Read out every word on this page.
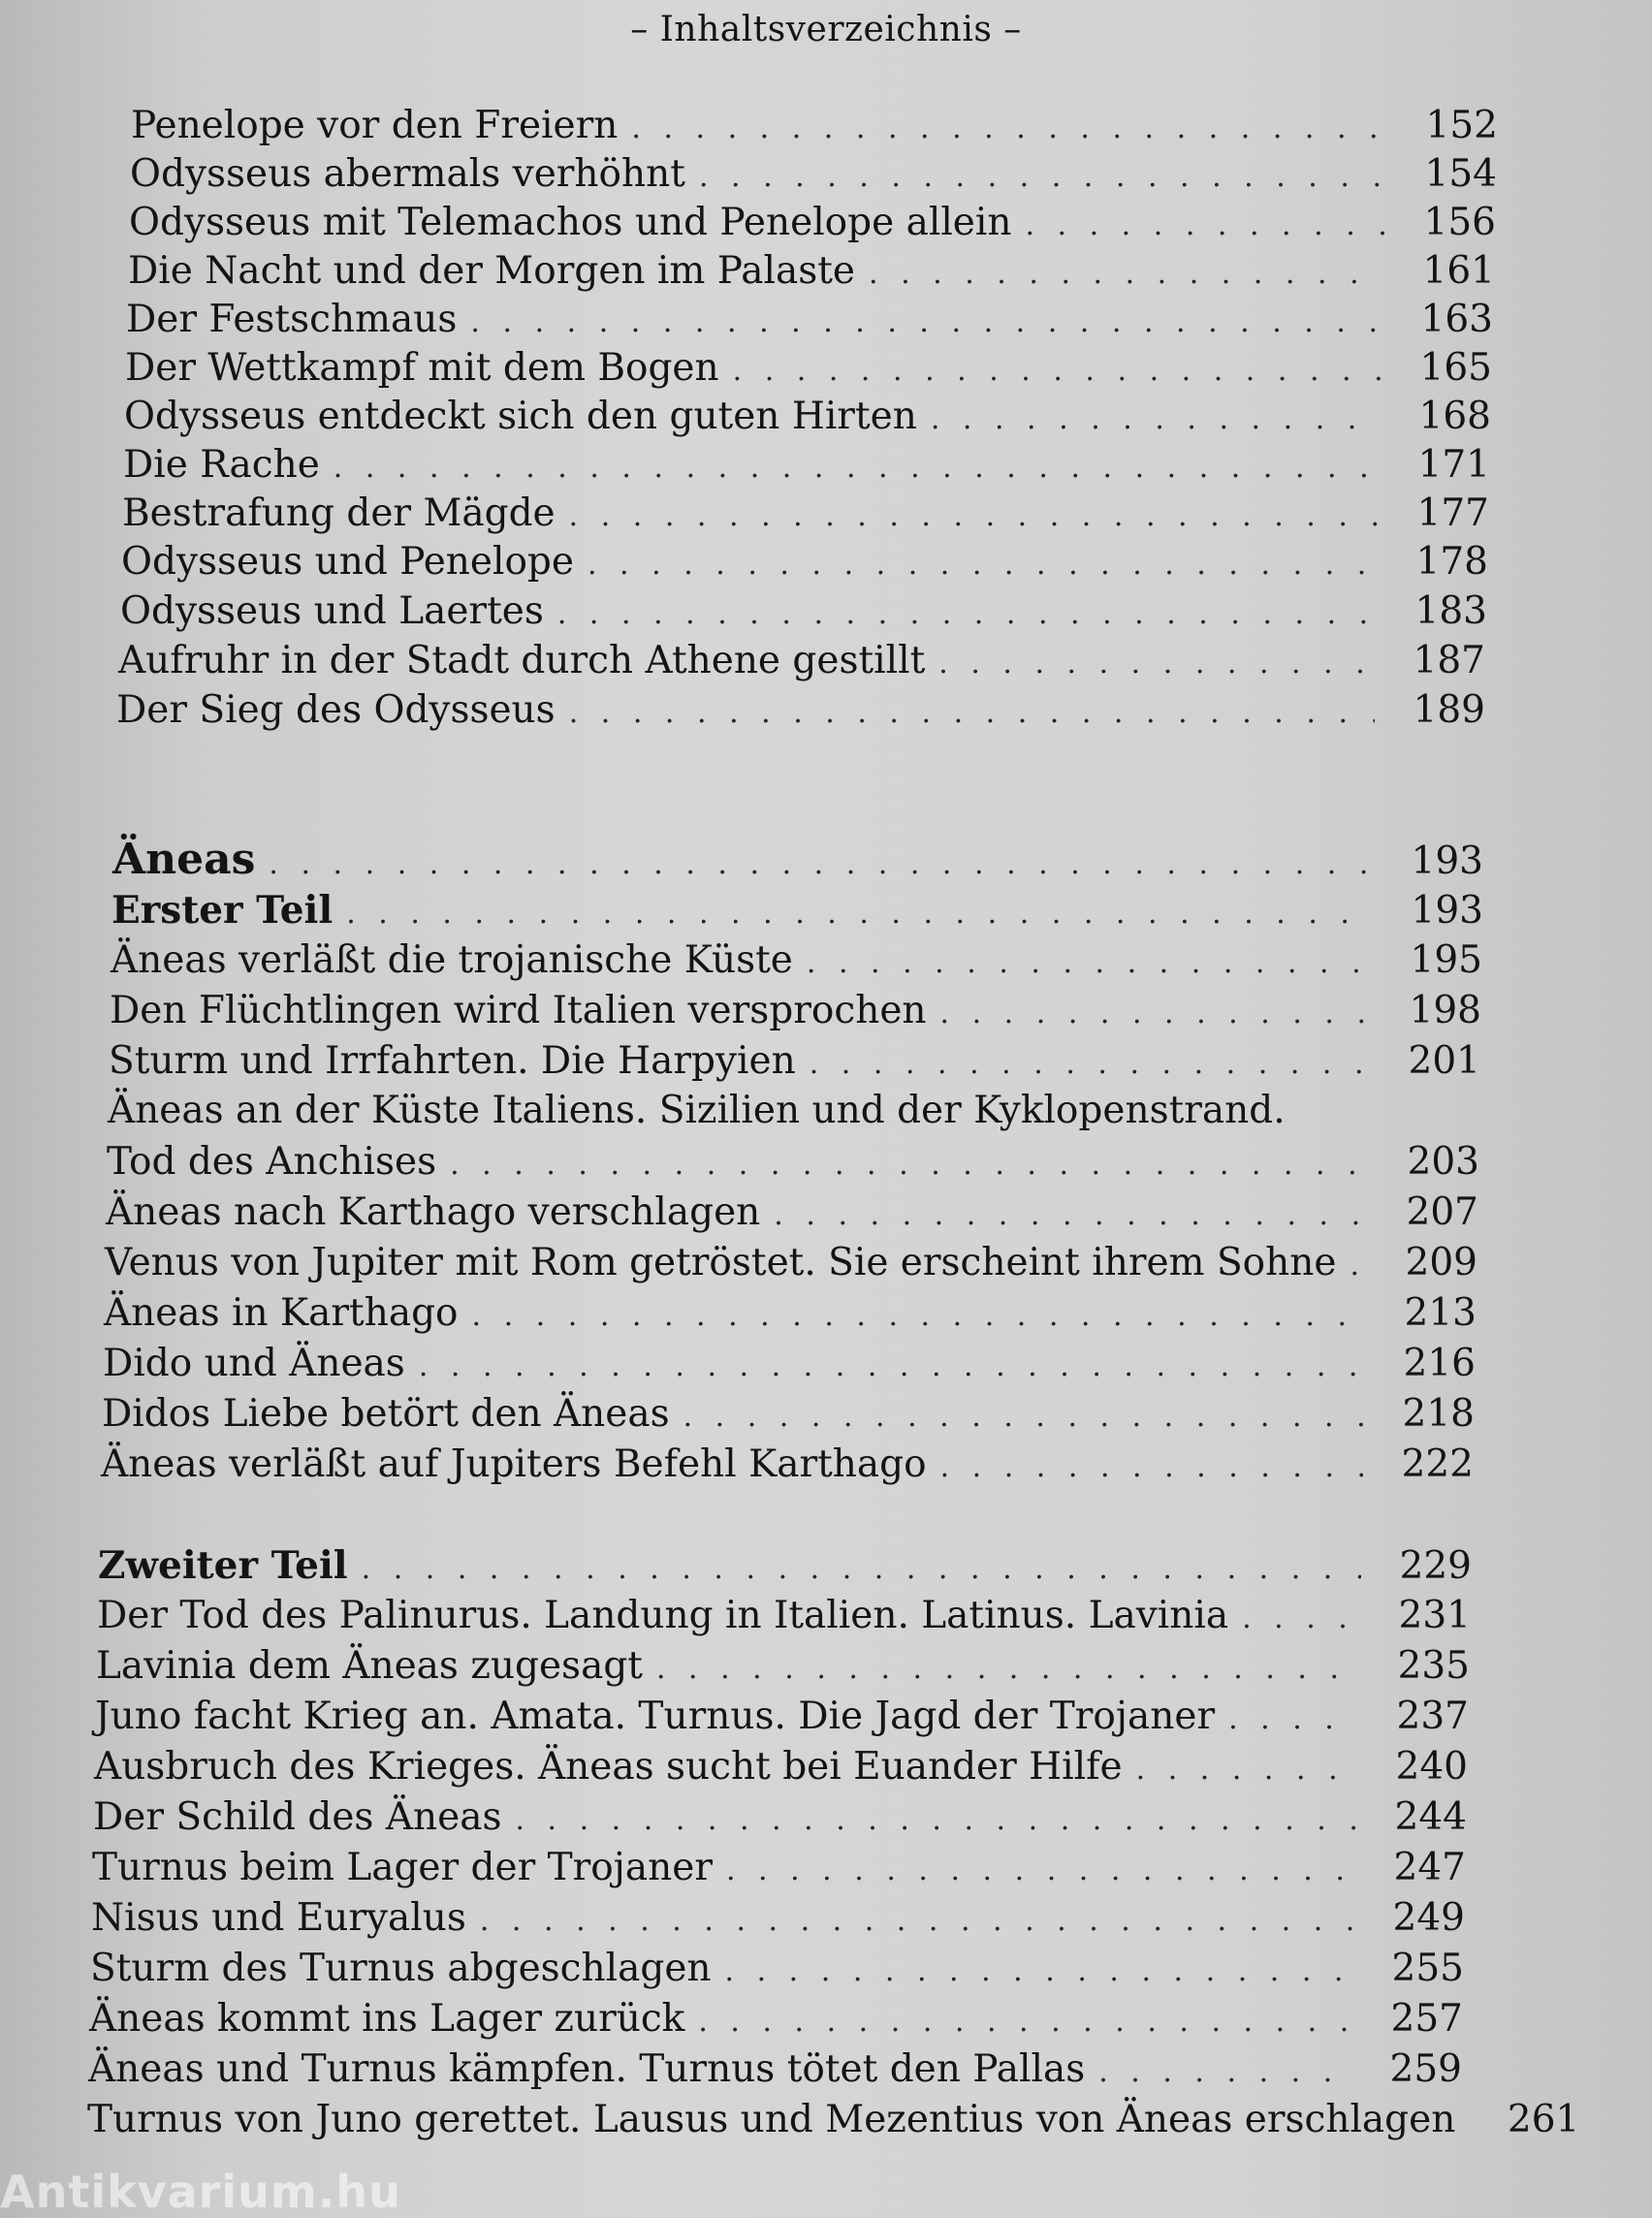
– Inhaltsverzeichnis –
Penelope vor den Freiern . . .	152
Odysseus abermals verhöhnt . . .	154
Odysseus mit Telemachos und Penelope allein . . .	156
Die Nacht und der Morgen im Palaste . . .	161
Der Festschmaus . . .	163
Der Wettkampf mit dem Bogen . . .	165
Odysseus entdeckt sich den guten Hirten . . .	168
Die Rache . . .	171
Bestrafung der Mägde . . .	177
Odysseus und Penelope . . .	178
Odysseus und Laertes . . .	183
Aufruhr in der Stadt durch Athene gestillt . . .	187
Der Sieg des Odysseus . . .	189
Äneas . . .	193
Erster Teil . . .	193
Äneas verläßt die trojanische Küste . . .	195
Den Flüchtlingen wird Italien versprochen . . .	198
Sturm und Irrfahrten. Die Harpyien . . .	201
Äneas an der Küste Italiens. Sizilien und der Kyklopenstrand.
Tod des Anchises . . .	203
Äneas nach Karthago verschlagen . . .	207
Venus von Jupiter mit Rom getröstet. Sie erscheint ihrem Sohne . . .	209
Äneas in Karthago . . .	213
Dido und Äneas . . .	216
Didos Liebe betört den Äneas . . .	218
Äneas verläßt auf Jupiters Befehl Karthago . . .	222
Zweiter Teil . . .	229
Der Tod des Palinurus. Landung in Italien. Latinus. Lavinia . . .	231
Lavinia dem Äneas zugesagt . . .	235
Juno facht Krieg an. Amata. Turnus. Die Jagd der Trojaner . . .	237
Ausbruch des Krieges. Äneas sucht bei Euander Hilfe . . .	240
Der Schild des Äneas . . .	244
Turnus beim Lager der Trojaner . . .	247
Nisus und Euryalus . . .	249
Sturm des Turnus abgeschlagen . . .	255
Äneas kommt ins Lager zurück . . .	257
Äneas und Turnus kämpfen. Turnus tötet den Pallas . . .	259
Turnus von Juno gerettet. Lausus und Mezentius von Äneas erschlagen	261
Antikvarium.hu
